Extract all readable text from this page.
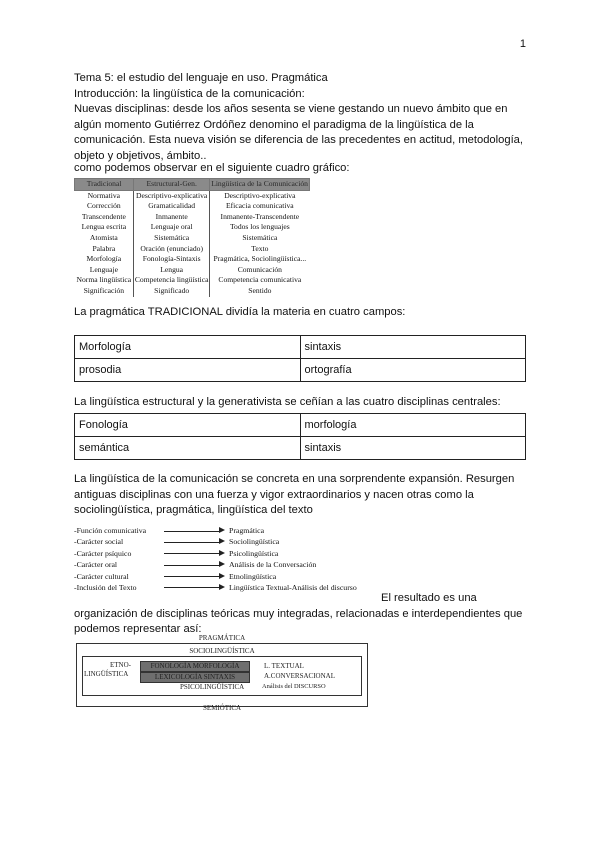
1
Tema 5: el estudio del lenguaje en uso. Pragmática
Introducción: la lingüística de la comunicación:
Nuevas disciplinas: desde los años sesenta se viene gestando un nuevo ámbito que en algún momento Gutiérrez Ordóñez denomino el paradigma de la lingüística de la comunicación. Esta nueva visión se diferencia de las precedentes en actitud, metodología, objeto y objetivos, ámbito..
como podemos observar en el siguiente cuadro gráfico:
Tradicional	Estructural-Gen.	Lingüística de la Comunicación
Normativa	Descriptivo-explicativa	Descriptivo-explicativa
Corrección	Gramaticalidad	Eficacia comunicativa
Transcendente	Inmanente	Inmanente-Transcendente
Lengua escrita	Lenguaje oral	Todos los lenguajes
Atomista	Sistemática	Sistemática
Palabra	Oración (enunciado)	Texto
Morfología	Fonología-Sintaxis	Pragmática, Sociolingüística...
Lenguaje	Lengua	Comunicación
Norma lingüística	Competencia lingüística	Competencia comunicativa
Significación	Significado	Sentido
La pragmática TRADICIONAL dividía la materia en cuatro campos:
Morfología	sintaxis
prosodia	ortografía
La lingüística estructural y la generativista se ceñían a las cuatro disciplinas centrales:
Fonología	morfología
semántica	sintaxis
La lingüística de la comunicación se concreta en una sorprendente expansión. Resurgen antiguas disciplinas con una fuerza y vigor extraordinarios y nacen otras como la sociolingüística, pragmática, lingüística del texto
-Función comunicativa	Pragmática
-Carácter social	Sociolingüística
-Carácter psíquico	Psicolingüística
-Carácter oral	Análisis de la Conversación
-Carácter cultural	Etnolingüística
-Inclusión del Texto	Lingüística Textual-Análisis del discurso
El resultado es una
organización de disciplinas teóricas muy integradas, relacionadas e interdependientes que podemos representar así:
PRAGMÁTICA
SOCIOLINGÜÍSTICA
ETNO-
LINGÜÍSTICA
FONOLOGÍA MORFOLOGÍA
LEXICOLOGÍA SINTAXIS
L. TEXTUAL
A.CONVERSACIONAL
PSICOLINGÜÍSTICA	Análisis del DISCURSO
SEMIÓTICA
